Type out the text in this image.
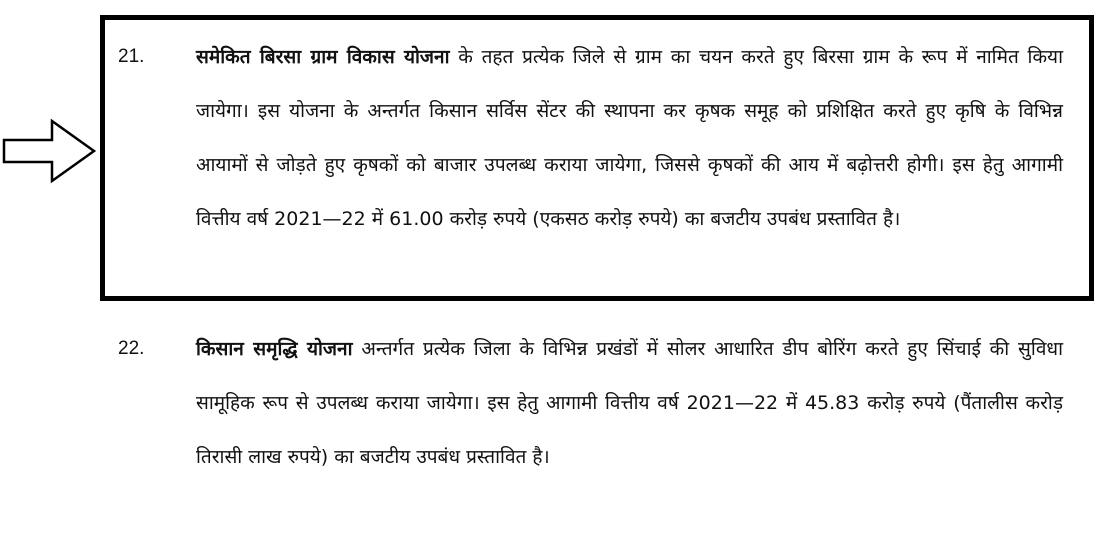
21.	समेकित बिरसा ग्राम विकास योजना के तहत प्रत्येक जिले से ग्राम का चयन करते हुए बिरसा ग्राम के रूप में नामित किया जायेगा। इस योजना के अन्तर्गत किसान सर्विस सेंटर की स्थापना कर कृषक समूह को प्रशिक्षित करते हुए कृषि के विभिन्न आयामों से जोड़ते हुए कृषकों को बाजार उपलब्ध कराया जायेगा, जिससे कृषकों की आय में बढ़ोत्तरी होगी। इस हेतु आगामी वित्तीय वर्ष 2021—22 में 61.00 करोड़ रुपये (एकसठ करोड़ रुपये) का बजटीय उपबंध प्रस्तावित है।
22.	किसान समृद्धि योजना अन्तर्गत प्रत्येक जिला के विभिन्न प्रखंडों में सोलर आधारित डीप बोरिंग करते हुए सिंचाई की सुविधा सामूहिक रूप से उपलब्ध कराया जायेगा। इस हेतु आगामी वित्तीय वर्ष 2021—22 में 45.83 करोड़ रुपये (पैंतालीस करोड़ तिरासी लाख रुपये) का बजटीय उपबंध प्रस्तावित है।
